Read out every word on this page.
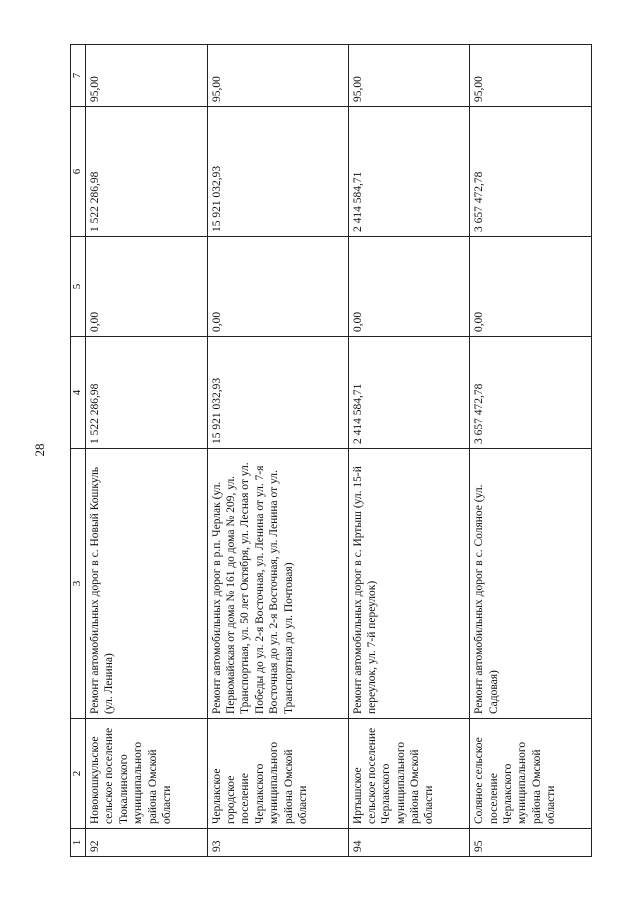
28
1	2	3	4	5	6	7
92	Новокошкульское сельское поселение Тюкалинского муниципального района Омской области	Ремонт автомобильных дорог в с. Новый Кошкуль (ул. Ленина)	1 522 286,98	0,00	1 522 286,98	95,00
93	Черлакское городское поселение Черлакского муниципального района Омской области	Ремонт автомобильных дорог в р.п. Черлак (ул. Первомайская от дома № 161 до дома № 209, ул. Транспортная, ул. 50 лет Октября, ул. Лесная от ул. Победы до ул. 2-я Восточная, ул. Ленина от ул. 7-я Восточная до ул. 2-я Восточная, ул. Ленина от ул. Транспортная до ул. Почтовая)	15 921 032,93	0,00	15 921 032,93	95,00
94	Иртышское сельское поселение Черлакского муниципального района Омской области	Ремонт автомобильных дорог в с. Иртыш (ул. 15-й переулок, ул. 7-й переулок)	2 414 584,71	0,00	2 414 584,71	95,00
95	Соляное сельское поселение Черлакского муниципального района Омской области	Ремонт автомобильных дорог в с. Соляное (ул. Садовая)	3 657 472,78	0,00	3 657 472,78	95,00
